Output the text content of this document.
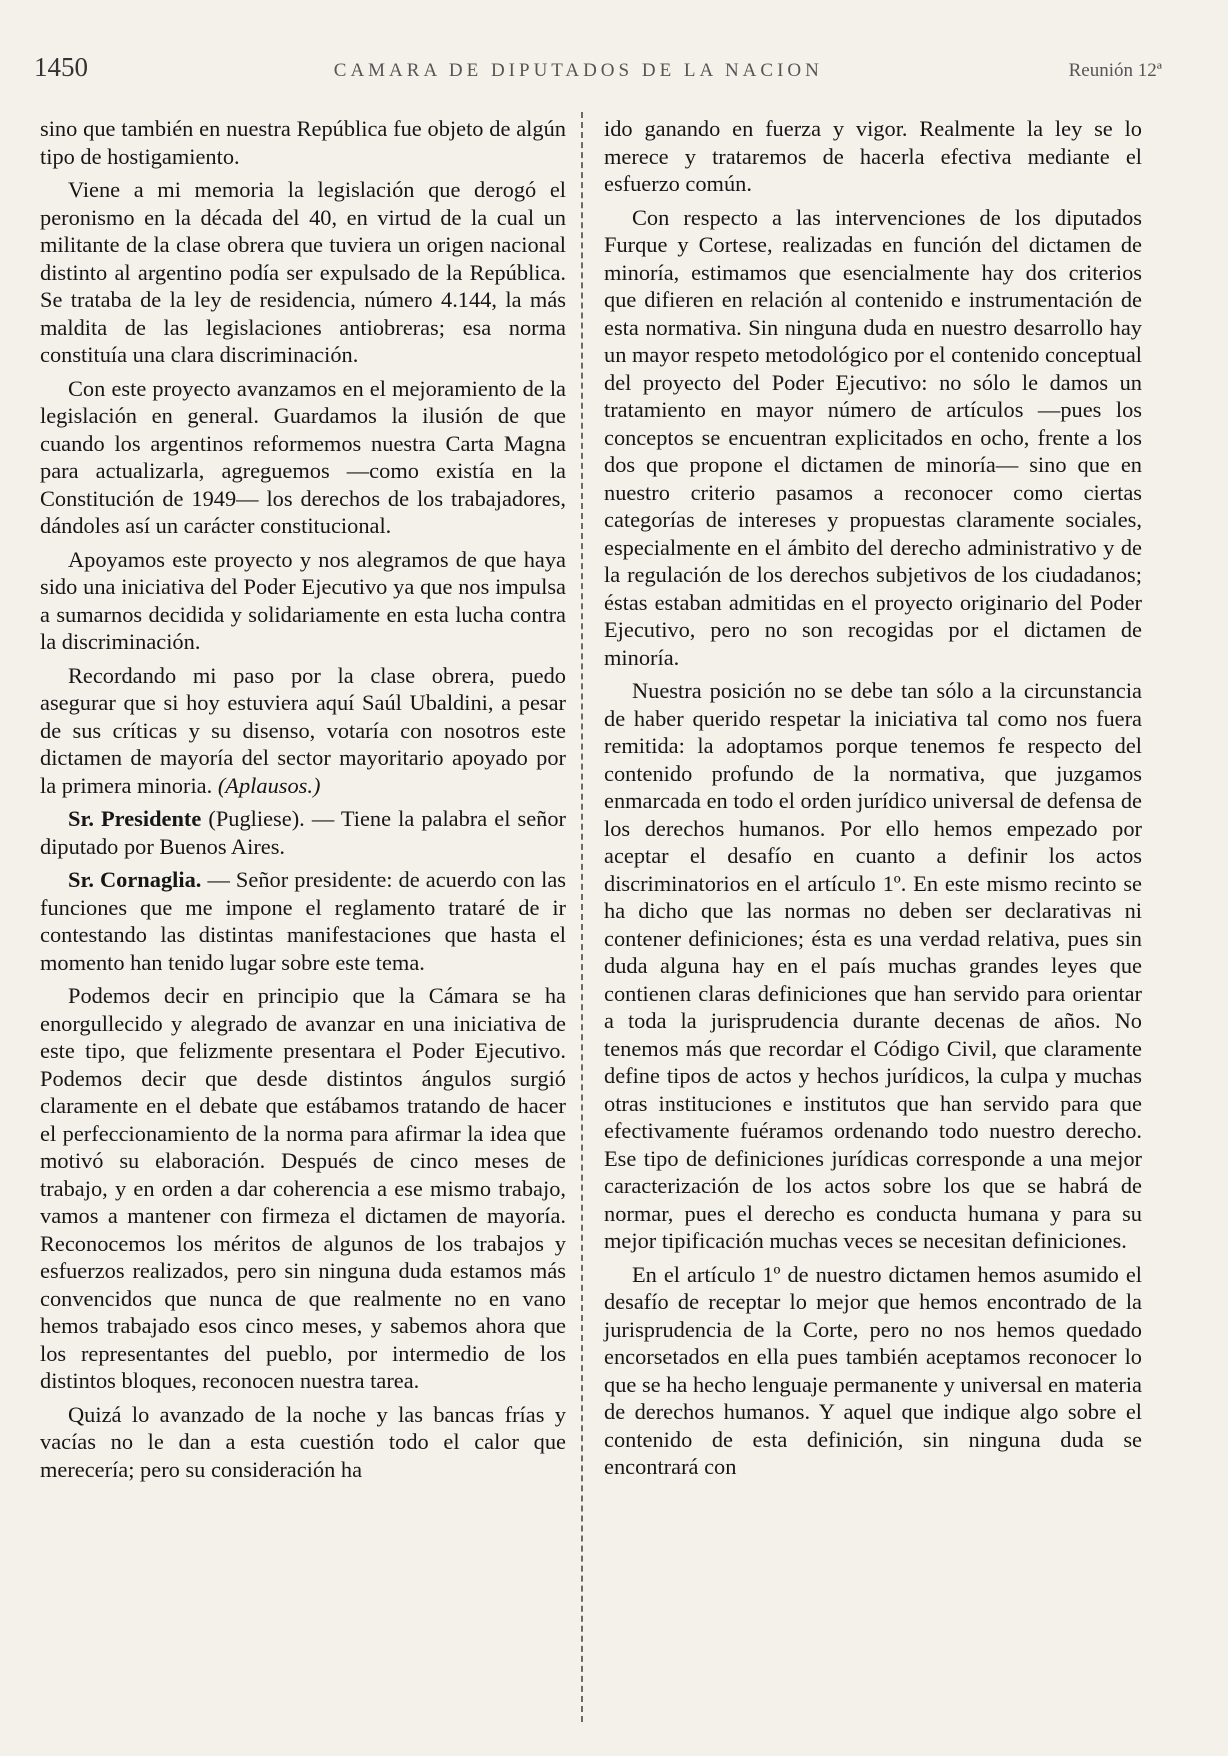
1450	CAMARA DE DIPUTADOS DE LA NACION	Reunión 12ª

sino que también en nuestra República fue objeto de algún tipo de hostigamiento.

Viene a mi memoria la legislación que derogó el peronismo en la década del 40, en virtud de la cual un militante de la clase obrera que tuviera un origen nacional distinto al argentino podía ser expulsado de la República. Se trataba de la ley de residencia, número 4.144, la más maldita de las legislaciones antiobreras; esa norma constituía una clara discriminación.

Con este proyecto avanzamos en el mejoramiento de la legislación en general. Guardamos la ilusión de que cuando los argentinos reformemos nuestra Carta Magna para actualizarla, agreguemos —como existía en la Constitución de 1949— los derechos de los trabajadores, dándoles así un carácter constitucional.

Apoyamos este proyecto y nos alegramos de que haya sido una iniciativa del Poder Ejecutivo ya que nos impulsa a sumarnos decidida y solidariamente en esta lucha contra la discriminación.

Recordando mi paso por la clase obrera, puedo asegurar que si hoy estuviera aquí Saúl Ubaldini, a pesar de sus críticas y su disenso, votaría con nosotros este dictamen de mayoría del sector mayoritario apoyado por la primera minoria. (Aplausos.)

Sr. Presidente (Pugliese). — Tiene la palabra el señor diputado por Buenos Aires.

Sr. Cornaglia. — Señor presidente: de acuerdo con las funciones que me impone el reglamento trataré de ir contestando las distintas manifestaciones que hasta el momento han tenido lugar sobre este tema.

Podemos decir en principio que la Cámara se ha enorgullecido y alegrado de avanzar en una iniciativa de este tipo, que felizmente presentara el Poder Ejecutivo. Podemos decir que desde distintos ángulos surgió claramente en el debate que estábamos tratando de hacer el perfeccionamiento de la norma para afirmar la idea que motivó su elaboración. Después de cinco meses de trabajo, y en orden a dar coherencia a ese mismo trabajo, vamos a mantener con firmeza el dictamen de mayoría. Reconocemos los méritos de algunos de los trabajos y esfuerzos realizados, pero sin ninguna duda estamos más convencidos que nunca de que realmente no en vano hemos trabajado esos cinco meses, y sabemos ahora que los representantes del pueblo, por intermedio de los distintos bloques, reconocen nuestra tarea.

Quizá lo avanzado de la noche y las bancas frías y vacías no le dan a esta cuestión todo el calor que merecería; pero su consideración ha

ido ganando en fuerza y vigor. Realmente la ley se lo merece y trataremos de hacerla efectiva mediante el esfuerzo común.

Con respecto a las intervenciones de los diputados Furque y Cortese, realizadas en función del dictamen de minoría, estimamos que esencialmente hay dos criterios que difieren en relación al contenido e instrumentación de esta normativa. Sin ninguna duda en nuestro desarrollo hay un mayor respeto metodológico por el contenido conceptual del proyecto del Poder Ejecutivo: no sólo le damos un tratamiento en mayor número de artículos —pues los conceptos se encuentran explicitados en ocho, frente a los dos que propone el dictamen de minoría— sino que en nuestro criterio pasamos a reconocer como ciertas categorías de intereses y propuestas claramente sociales, especialmente en el ámbito del derecho administrativo y de la regulación de los derechos subjetivos de los ciudadanos; éstas estaban admitidas en el proyecto originario del Poder Ejecutivo, pero no son recogidas por el dictamen de minoría.

Nuestra posición no se debe tan sólo a la circunstancia de haber querido respetar la iniciativa tal como nos fuera remitida: la adoptamos porque tenemos fe respecto del contenido profundo de la normativa, que juzgamos enmarcada en todo el orden jurídico universal de defensa de los derechos humanos. Por ello hemos empezado por aceptar el desafío en cuanto a definir los actos discriminatorios en el artículo 1º. En este mismo recinto se ha dicho que las normas no deben ser declarativas ni contener definiciones; ésta es una verdad relativa, pues sin duda alguna hay en el país muchas grandes leyes que contienen claras definiciones que han servido para orientar a toda la jurisprudencia durante decenas de años. No tenemos más que recordar el Código Civil, que claramente define tipos de actos y hechos jurídicos, la culpa y muchas otras instituciones e institutos que han servido para que efectivamente fuéramos ordenando todo nuestro derecho. Ese tipo de definiciones jurídicas corresponde a una mejor caracterización de los actos sobre los que se habrá de normar, pues el derecho es conducta humana y para su mejor tipificación muchas veces se necesitan definiciones.

En el artículo 1º de nuestro dictamen hemos asumido el desafío de receptar lo mejor que hemos encontrado de la jurisprudencia de la Corte, pero no nos hemos quedado encorsetados en ella pues también aceptamos reconocer lo que se ha hecho lenguaje permanente y universal en materia de derechos humanos. Y aquel que indique algo sobre el contenido de esta definición, sin ninguna duda se encontrará con
